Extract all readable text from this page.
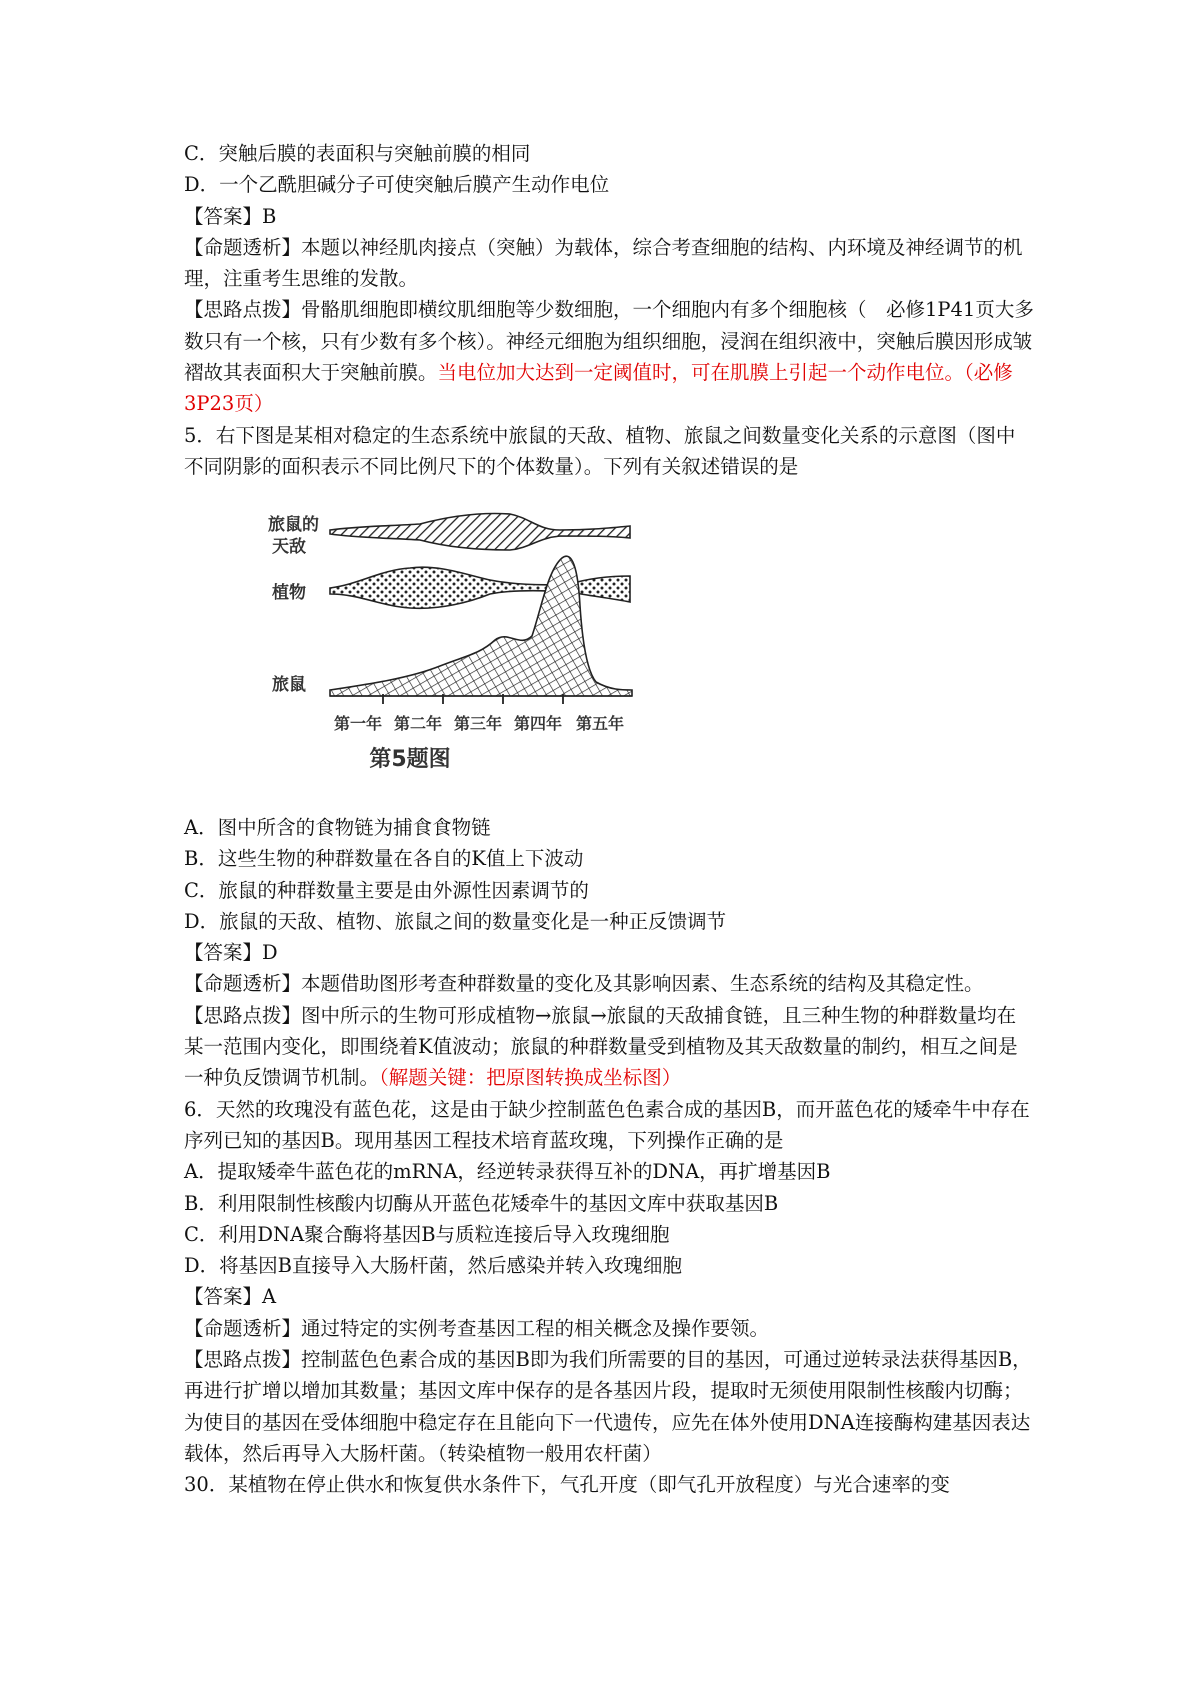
C．突触后膜的表面积与突触前膜的相同

D．一个乙酰胆碱分子可使突触后膜产生动作电位

【答案】B

【命题透析】本题以神经肌肉接点（突触）为载体，综合考查细胞的结构、内环境及神经调节的机理，注重考生思维的发散。

【思路点拨】骨骼肌细胞即横纹肌细胞等少数细胞，一个细胞内有多个细胞核（　必修1P41页大多数只有一个核，只有少数有多个核）。神经元细胞为组织细胞，浸润在组织液中，突触后膜因形成皱褶故其表面积大于突触前膜。当电位加大达到一定阈值时，可在肌膜上引起一个动作电位。（必修3P23页）

5．右下图是某相对稳定的生态系统中旅鼠的天敌、植物、旅鼠之间数量变化关系的示意图（图中不同阴影的面积表示不同比例尺下的个体数量）。下列有关叙述错误的是

旅鼠的
天敌
植物
旅鼠
第一年 第二年 第三年 第四年 第五年
第5题图

A．图中所含的食物链为捕食食物链

B．这些生物的种群数量在各自的K值上下波动

C．旅鼠的种群数量主要是由外源性因素调节的

D．旅鼠的天敌、植物、旅鼠之间的数量变化是一种正反馈调节

【答案】D

【命题透析】本题借助图形考查种群数量的变化及其影响因素、生态系统的结构及其稳定性。

【思路点拨】图中所示的生物可形成植物→旅鼠→旅鼠的天敌捕食链，且三种生物的种群数量均在某一范围内变化，即围绕着K值波动；旅鼠的种群数量受到植物及其天敌数量的制约，相互之间是一种负反馈调节机制。（解题关键：把原图转换成坐标图）

6．天然的玫瑰没有蓝色花，这是由于缺少控制蓝色色素合成的基因B，而开蓝色花的矮牵牛中存在序列已知的基因B。现用基因工程技术培育蓝玫瑰，下列操作正确的是

A．提取矮牵牛蓝色花的mRNA，经逆转录获得互补的DNA，再扩增基因B

B．利用限制性核酸内切酶从开蓝色花矮牵牛的基因文库中获取基因B

C．利用DNA聚合酶将基因B与质粒连接后导入玫瑰细胞

D．将基因B直接导入大肠杆菌，然后感染并转入玫瑰细胞

【答案】A

【命题透析】通过特定的实例考查基因工程的相关概念及操作要领。

【思路点拨】控制蓝色色素合成的基因B即为我们所需要的目的基因，可通过逆转录法获得基因B，再进行扩增以增加其数量；基因文库中保存的是各基因片段，提取时无须使用限制性核酸内切酶；为使目的基因在受体细胞中稳定存在且能向下一代遗传，应先在体外使用DNA连接酶构建基因表达载体，然后再导入大肠杆菌。（转染植物一般用农杆菌）

30．某植物在停止供水和恢复供水条件下，气孔开度（即气孔开放程度）与光合速率的变
